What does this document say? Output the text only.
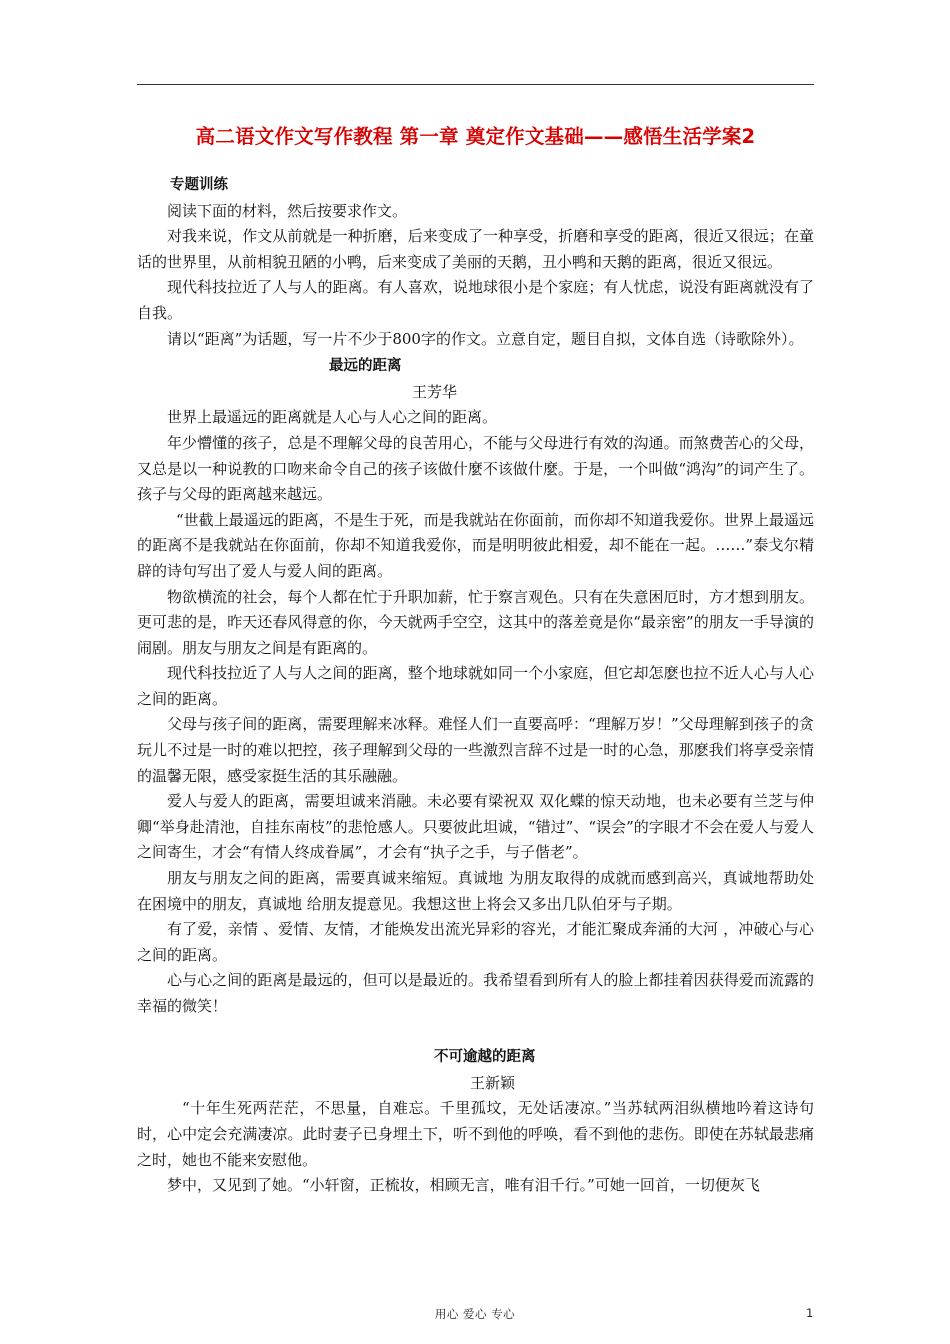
高二语文作文写作教程 第一章 奠定作文基础——感悟生活学案2
专题训练

阅读下面的材料，然后按要求作文。

对我来说，作文从前就是一种折磨，后来变成了一种享受，折磨和享受的距离，很近又很远；在童话的世界里，从前相貌丑陋的小鸭，后来变成了美丽的天鹅，丑小鸭和天鹅的距离，很近又很远。

现代科技拉近了人与人的距离。有人喜欢，说地球很小是个家庭；有人忧虑，说没有距离就没有了自我。

请以“距离”为话题，写一片不少于800字的作文。立意自定，题目自拟，文体自选（诗歌除外）。

最远的距离
王芳华

世界上最遥远的距离就是人心与人心之间的距离。

年少懵懂的孩子，总是不理解父母的良苦用心，不能与父母进行有效的沟通。而煞费苦心的父母，又总是以一种说教的口吻来命令自己的孩子该做什麼不该做什麼。于是，一个叫做“鸿沟”的词产生了。孩子与父母的距离越来越远。

“世截上最遥远的距离，不是生于死，而是我就站在你面前，而你却不知道我爱你。世界上最遥远的距离不是我就站在你面前，你却不知道我爱你，而是明明彼此相爱，却不能在一起。……”泰戈尔精辟的诗句写出了爱人与爱人间的距离。

物欲横流的社会，每个人都在忙于升职加薪，忙于察言观色。只有在失意困厄时，方才想到朋友。更可悲的是，昨天还春风得意的你，今天就两手空空，这其中的落差竟是你“最亲密”的朋友一手导演的闹剧。朋友与朋友之间是有距离的。

现代科技拉近了人与人之间的距离，整个地球就如同一个小家庭，但它却怎麽也拉不近人心与人心之间的距离。

父母与孩子间的距离，需要理解来冰释。难怪人们一直要高呼：“理解万岁！”父母理解到孩子的贪玩儿不过是一时的难以把控，孩子理解到父母的一些激烈言辞不过是一时的心急，那麽我们将享受亲情的温馨无限，感受家挺生活的其乐融融。

爱人与爱人的距离，需要坦诚来消融。未必要有梁祝双 双化蝶的惊天动地，也未必要有兰芝与仲卿“举身赴清池，自挂东南枝”的悲怆感人。只要彼此坦诚，“错过”、“误会”的字眼才不会在爱人与爱人之间寄生，才会“有情人终成眷属”，才会有“执子之手，与子偕老”。

朋友与朋友之间的距离，需要真诚来缩短。真诚地 为朋友取得的成就而感到高兴，真诚地帮助处在困境中的朋友，真诚地 给朋友提意见。我想这世上将会又多出几队伯牙与子期。

有了爱，亲情 、爱情、友情，才能焕发出流光异彩的容光，才能汇聚成奔涌的大河 ，冲破心与心之间的距离。

心与心之间的距离是最远的，但可以是最近的。我希望看到所有人的脸上都挂着因获得爱而流露的幸福的微笑！

不可逾越的距离
王新颖

“十年生死两茫茫，不思量，自难忘。千里孤坟，无处话凄凉。”当苏轼两泪纵横地吟着这诗句时，心中定会充满凄凉。此时妻子已身埋土下，听不到他的呼唤，看不到他的悲伤。即使在苏轼最悲痛之时，她也不能来安慰他。

梦中，又见到了她。“小轩窗，正梳妆，相顾无言，唯有泪千行。”可她一回首，一切便灰飞

用心 爱心 专心	1
